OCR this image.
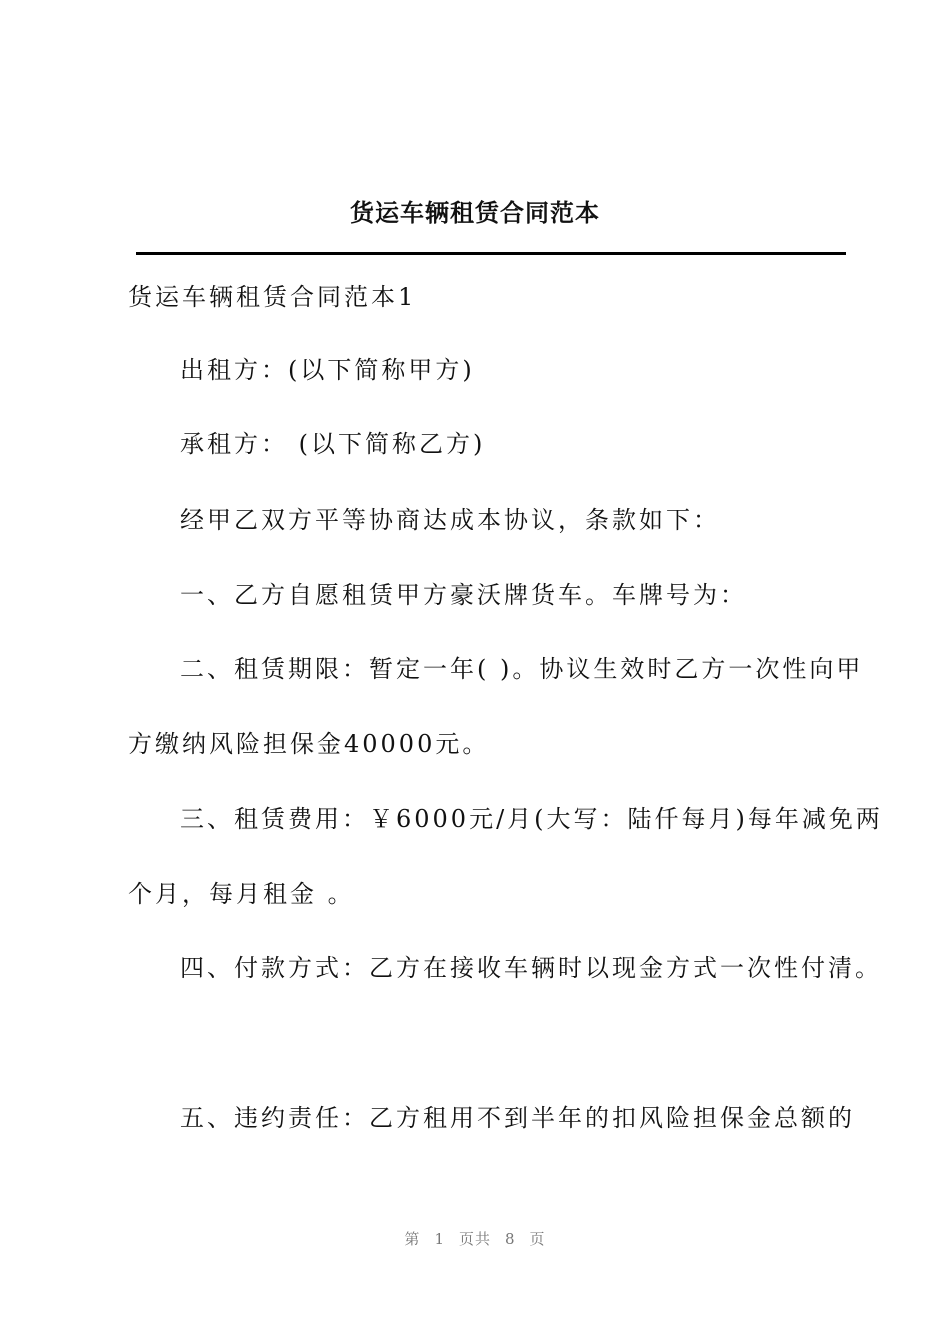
货运车辆租赁合同范本
货运车辆租赁合同范本1
出租方：(以下简称甲方)
承租方： (以下简称乙方)
经甲乙双方平等协商达成本协议，条款如下：
一、乙方自愿租赁甲方豪沃牌货车。车牌号为：
二、租赁期限：暂定一年( )。协议生效时乙方一次性向甲
方缴纳风险担保金40000元。
三、租赁费用：￥6000元/月(大写：陆仟每月)每年减免两
个月，每月租金 。
四、付款方式：乙方在接收车辆时以现金方式一次性付清。
五、违约责任：乙方租用不到半年的扣风险担保金总额的
第 1 页共 8 页
